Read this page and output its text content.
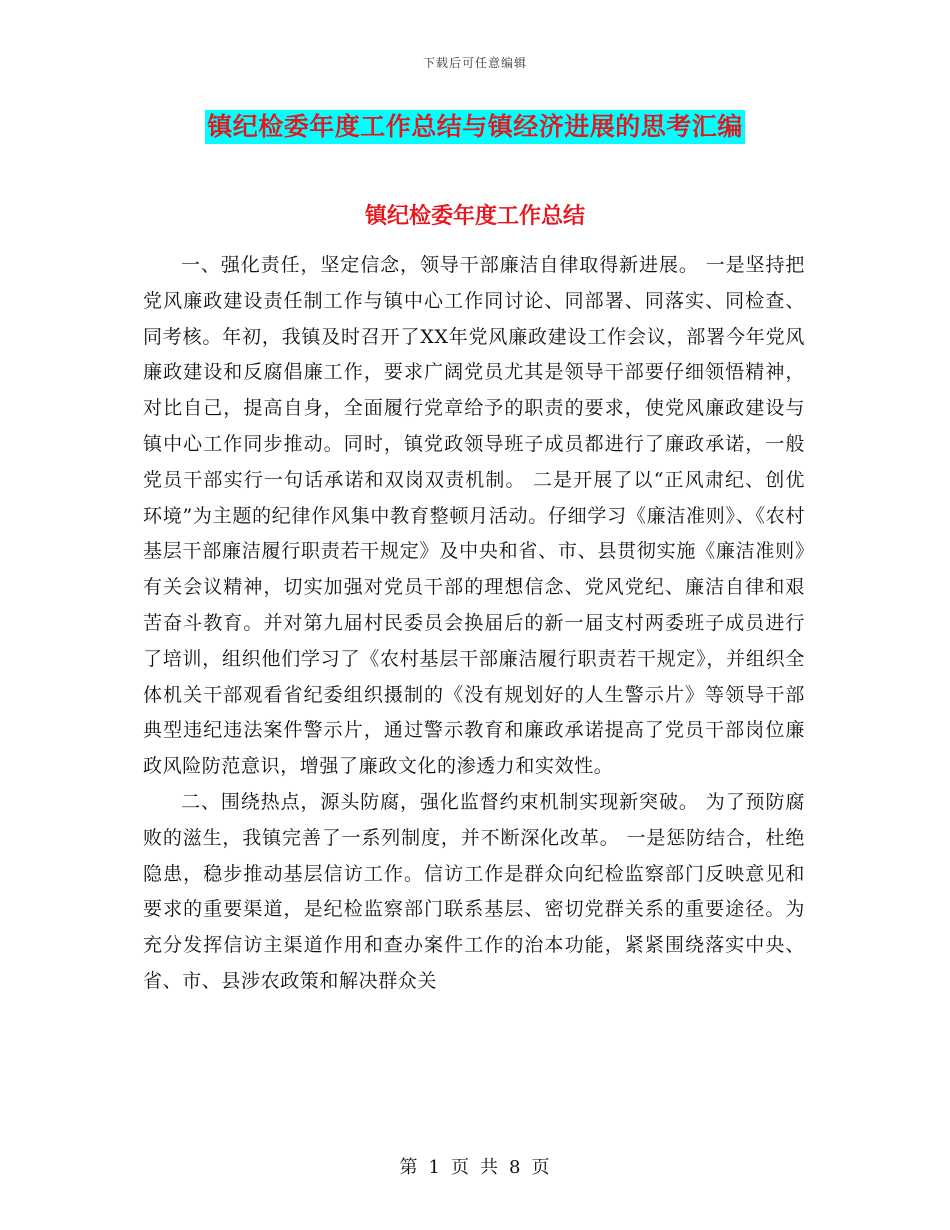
下载后可任意编辑
镇纪检委年度工作总结与镇经济进展的思考汇编
镇纪检委年度工作总结

一、强化责任，坚定信念，领导干部廉洁自律取得新进展。 一是坚持把党风廉政建设责任制工作与镇中心工作同讨论、同部署、同落实、同检查、同考核。年初，我镇及时召开了XX年党风廉政建设工作会议，部署今年党风廉政建设和反腐倡廉工作，要求广阔党员尤其是领导干部要仔细领悟精神，对比自己，提高自身，全面履行党章给予的职责的要求，使党风廉政建设与镇中心工作同步推动。同时，镇党政领导班子成员都进行了廉政承诺，一般党员干部实行一句话承诺和双岗双责机制。 二是开展了以“正风肃纪、创优环境”为主题的纪律作风集中教育整顿月活动。仔细学习《廉洁准则》、《农村基层干部廉洁履行职责若干规定》及中央和省、市、县贯彻实施《廉洁准则》有关会议精神，切实加强对党员干部的理想信念、党风党纪、廉洁自律和艰苦奋斗教育。并对第九届村民委员会换届后的新一届支村两委班子成员进行了培训，组织他们学习了《农村基层干部廉洁履行职责若干规定》，并组织全体机关干部观看省纪委组织摄制的《没有规划好的人生警示片》等领导干部典型违纪违法案件警示片，通过警示教育和廉政承诺提高了党员干部岗位廉政风险防范意识，增强了廉政文化的渗透力和实效性。

二、围绕热点，源头防腐，强化监督约束机制实现新突破。 为了预防腐败的滋生，我镇完善了一系列制度，并不断深化改革。 一是惩防结合，杜绝隐患，稳步推动基层信访工作。信访工作是群众向纪检监察部门反映意见和要求的重要渠道，是纪检监察部门联系基层、密切党群关系的重要途径。为充分发挥信访主渠道作用和查办案件工作的治本功能，紧紧围绕落实中央、省、市、县涉农政策和解决群众关

第 1 页 共 8 页
